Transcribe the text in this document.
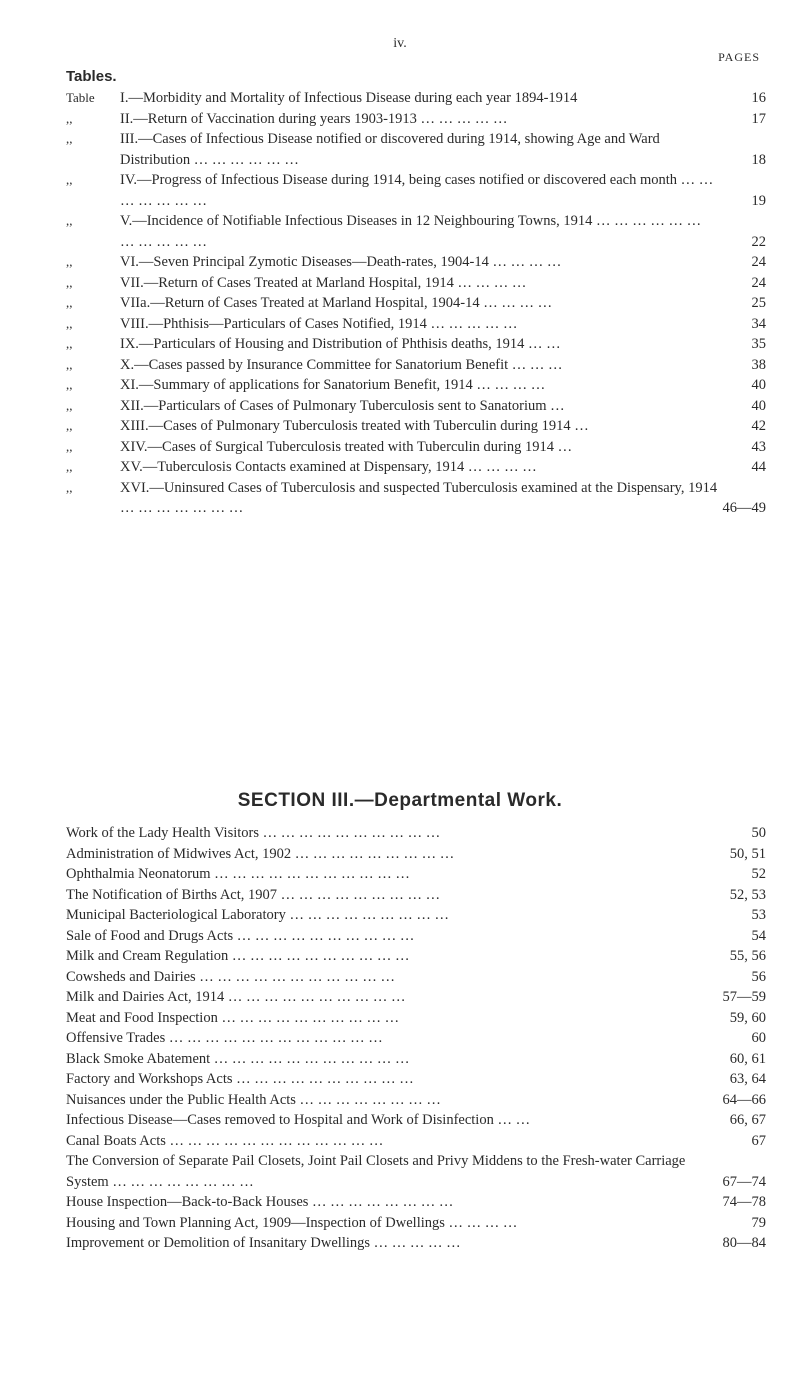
iv.
PAGES
Tables.
Table I.—Morbidity and Mortality of Infectious Disease during each year 1894-1914	16
,,	II.—Return of Vaccination during years 1903-1913 … … … … …	17
,,	III.—Cases of Infectious Disease notified or discovered during 1914, showing Age and Ward Distribution … … … … … …	18
,,	IV.—Progress of Infectious Disease during 1914, being cases notified or discovered each month … … … … … … …	19
,,	V.—Incidence of Notifiable Infectious Diseases in 12 Neighbouring Towns, 1914 … … … … … … … … … … …	22
,,	VI.—Seven Principal Zymotic Diseases—Death-rates, 1904-14 … … … …	24
,,	VII.—Return of Cases Treated at Marland Hospital, 1914 … … … …	24
,,	VIIa.—Return of Cases Treated at Marland Hospital, 1904-14 … … … …	25
,,	VIII.—Phthisis—Particulars of Cases Notified, 1914 … … … … …	34
,,	IX.—Particulars of Housing and Distribution of Phthisis deaths, 1914 … …	35
,,	X.—Cases passed by Insurance Committee for Sanatorium Benefit … … …	38
,,	XI.—Summary of applications for Sanatorium Benefit, 1914 … … … …	40
,,	XII.—Particulars of Cases of Pulmonary Tuberculosis sent to Sanatorium …	40
,,	XIII.—Cases of Pulmonary Tuberculosis treated with Tuberculin during 1914 …	42
,,	XIV.—Cases of Surgical Tuberculosis treated with Tuberculin during 1914 …	43
,,	XV.—Tuberculosis Contacts examined at Dispensary, 1914 … … … …	44
,,	XVI.—Uninsured Cases of Tuberculosis and suspected Tuberculosis examined at the Dispensary, 1914 … … … … … … …	46—49
SECTION III.—Departmental Work.
Work of the Lady Health Visitors … … … … … … … … … …	50
Administration of Midwives Act, 1902 … … … … … … … … …	50, 51
Ophthalmia Neonatorum … … … … … … … … … … …	52
The Notification of Births Act, 1907 … … … … … … … … …	52, 53
Municipal Bacteriological Laboratory … … … … … … … … …	53
Sale of Food and Drugs Acts … … … … … … … … … …	54
Milk and Cream Regulation … … … … … … … … … …	55, 56
Cowsheds and Dairies … … … … … … … … … … …	56
Milk and Dairies Act, 1914 … … … … … … … … … …	57—59
Meat and Food Inspection … … … … … … … … … …	59, 60
Offensive Trades … … … … … … … … … … … …	60
Black Smoke Abatement … … … … … … … … … … …	60, 61
Factory and Workshops Acts … … … … … … … … … …	63, 64
Nuisances under the Public Health Acts … … … … … … … …	64—66
Infectious Disease—Cases removed to Hospital and Work of Disinfection … …	66, 67
Canal Boats Acts … … … … … … … … … … … …	67
The Conversion of Separate Pail Closets, Joint Pail Closets and Privy Middens to the Fresh-water Carriage System … … … … … … … …	67—74
House Inspection—Back-to-Back Houses … … … … … … … …	74—78
Housing and Town Planning Act, 1909—Inspection of Dwellings … … … …	79
Improvement or Demolition of Insanitary Dwellings … … … … …	80—84
